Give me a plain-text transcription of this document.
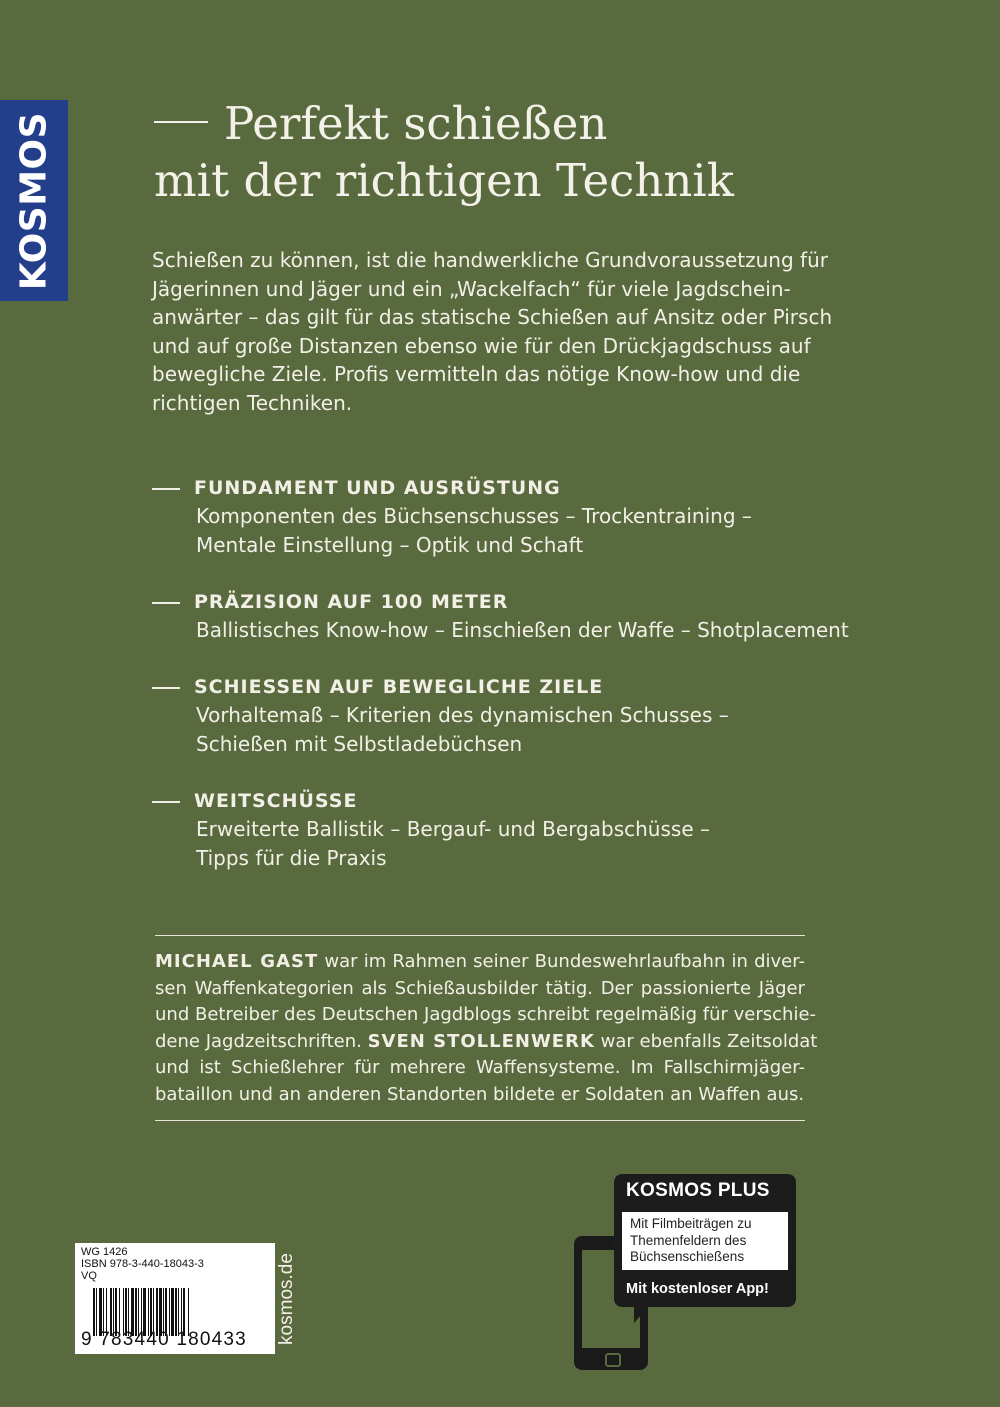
KOSMOS	Perfekt schießen
mit der richtigen Technik

Schießen zu können, ist die handwerkliche Grundvoraussetzung für
Jägerinnen und Jäger und ein „Wackelfach“ für viele Jagdschein-
anwärter – das gilt für das statische Schießen auf Ansitz oder Pirsch
und auf große Distanzen ebenso wie für den Drückjagdschuss auf
bewegliche Ziele. Profis vermitteln das nötige Know-how und die
richtigen Techniken.

FUNDAMENT UND AUSRÜSTUNG
Komponenten des Büchsenschusses – Trockentraining –
Mentale Einstellung – Optik und Schaft
PRÄZISION AUF 100 METER
Ballistisches Know-how – Einschießen der Waffe – Shotplacement
SCHIESSEN AUF BEWEGLICHE ZIELE
Vorhaltemaß – Kriterien des dynamischen Schusses –
Schießen mit Selbstladebüchsen
WEITSCHÜSSE
Erweiterte Ballistik – Bergauf- und Bergabschüsse –
Tipps für die Praxis
MICHAEL GAST war im Rahmen seiner Bundeswehrlaufbahn in diver-
sen Waffenkategorien als Schießausbilder tätig. Der passionierte Jäger
und Betreiber des Deutschen Jagdblogs schreibt regelmäßig für verschie-
dene Jagdzeitschriften. SVEN STOLLENWERK war ebenfalls Zeitsoldat
und ist Schießlehrer für mehrere Waffensysteme. Im Fallschirmjäger-
bataillon und an anderen Standorten bildete er Soldaten an Waffen aus.
WG 1426
ISBN 978-3-440-18043-3
VQ
9 783440 180433 kosmos.de
KOSMOS PLUS
Mit Filmbeiträgen zu
Themenfeldern des
Büchsenschießens
Mit kostenloser App!
